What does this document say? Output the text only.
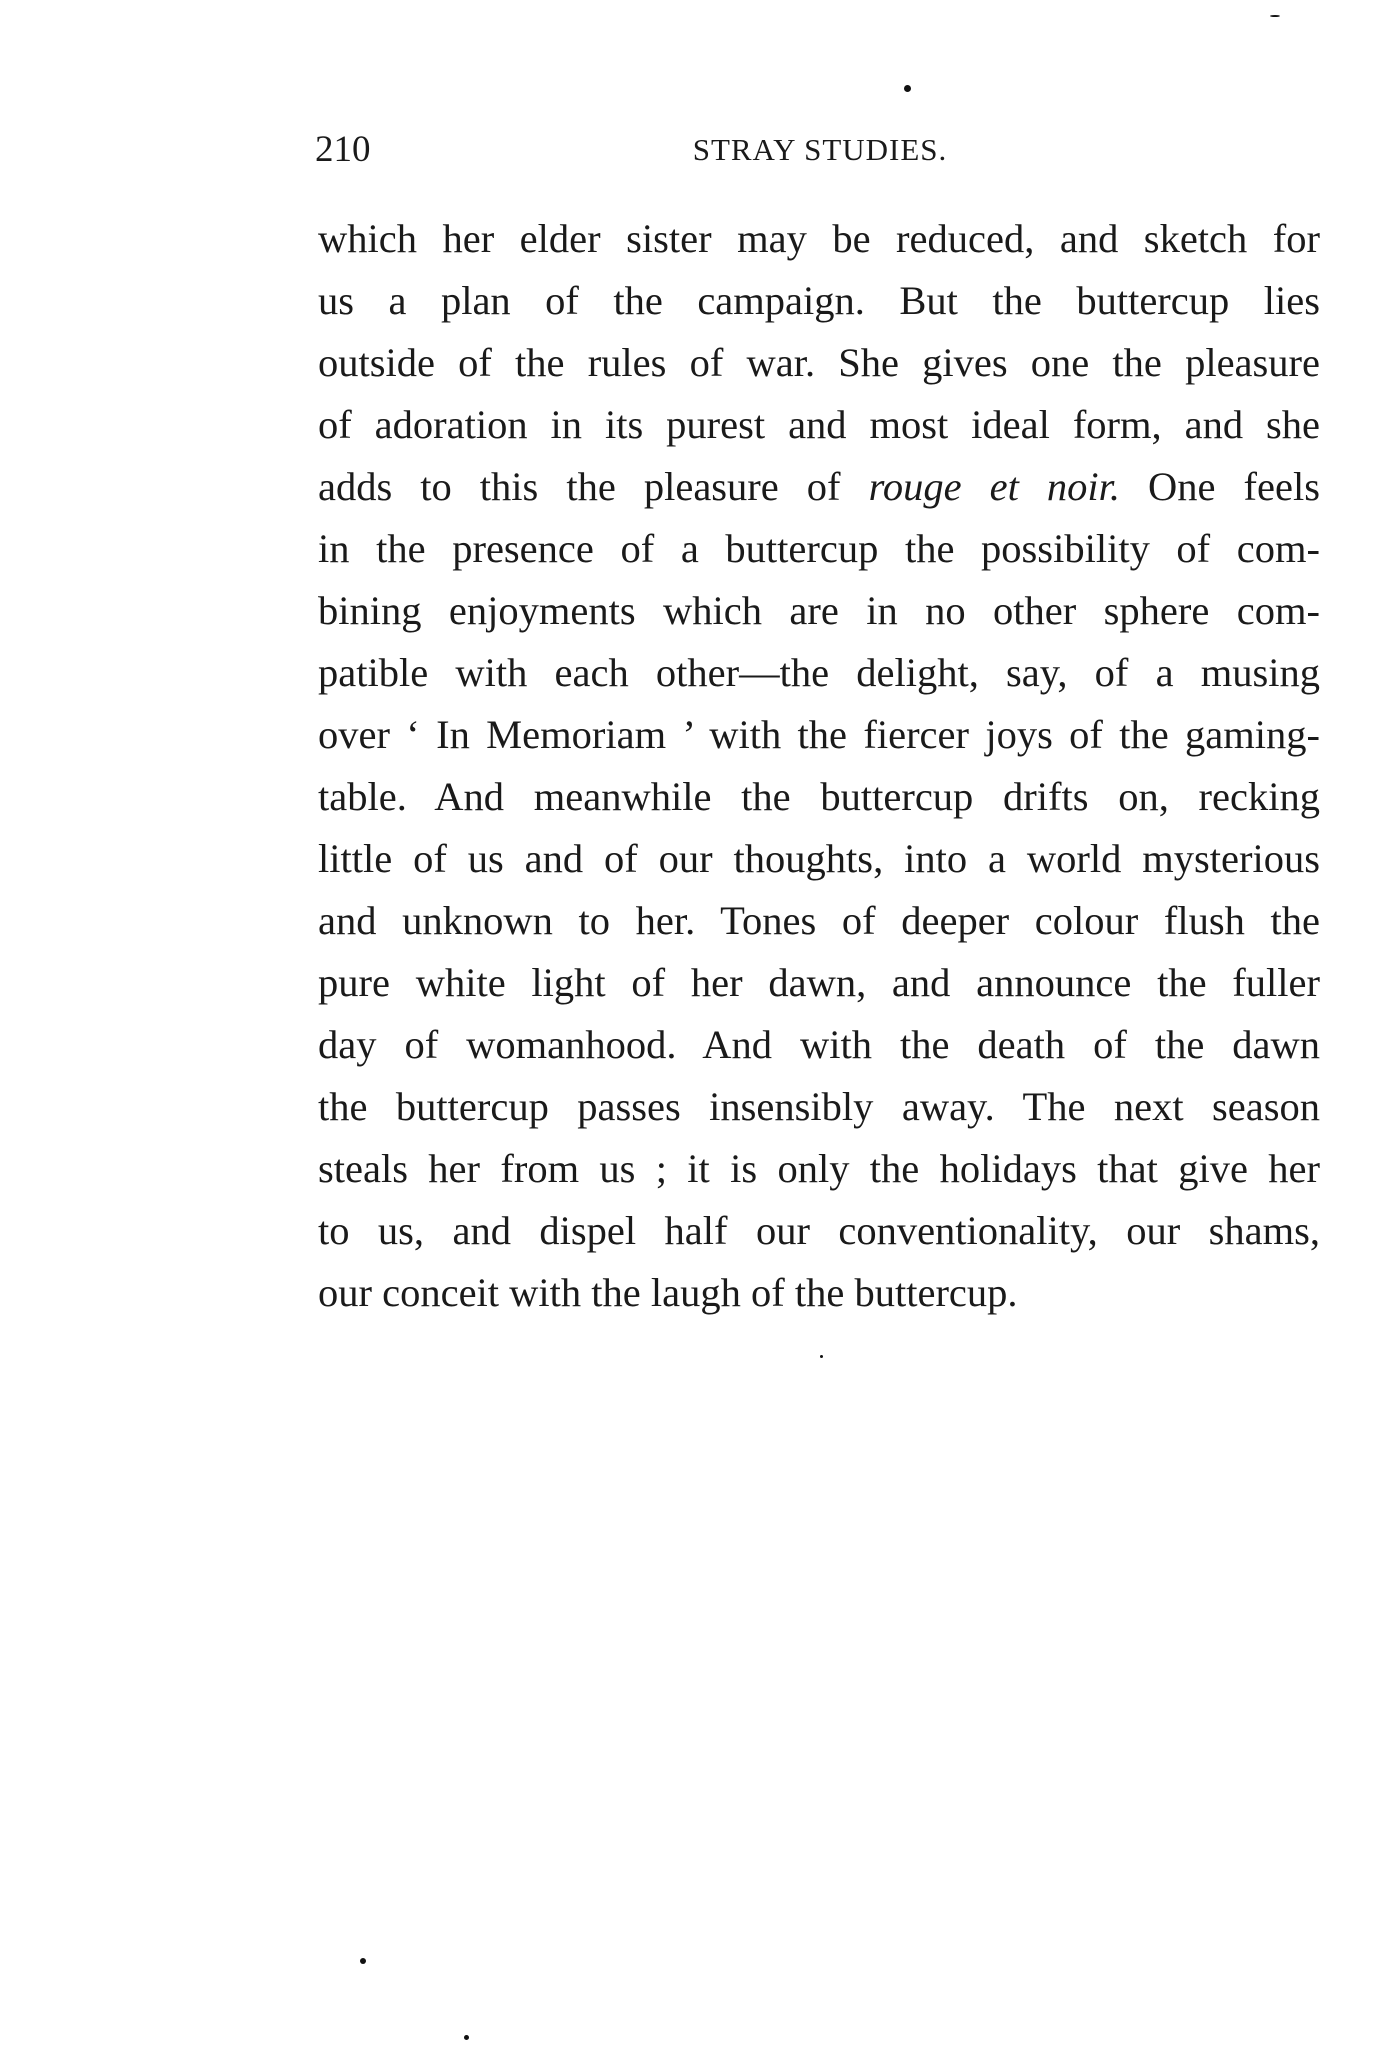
210	STRAY STUDIES.
which her elder sister may be reduced, and sketch for
us a plan of the campaign. But the buttercup lies
outside of the rules of war. She gives one the pleasure
of adoration in its purest and most ideal form, and she
adds to this the pleasure of rouge et noir. One feels
in the presence of a buttercup the possibility of com-
bining enjoyments which are in no other sphere com-
patible with each other—the delight, say, of a musing
over ‘ In Memoriam ’ with the fiercer joys of the gaming-
table. And meanwhile the buttercup drifts on, recking
little of us and of our thoughts, into a world mysterious
and unknown to her. Tones of deeper colour flush the
pure white light of her dawn, and announce the fuller
day of womanhood. And with the death of the dawn
the buttercup passes insensibly away. The next season
steals her from us ; it is only the holidays that give her
to us, and dispel half our conventionality, our shams,
our conceit with the laugh of the buttercup.
